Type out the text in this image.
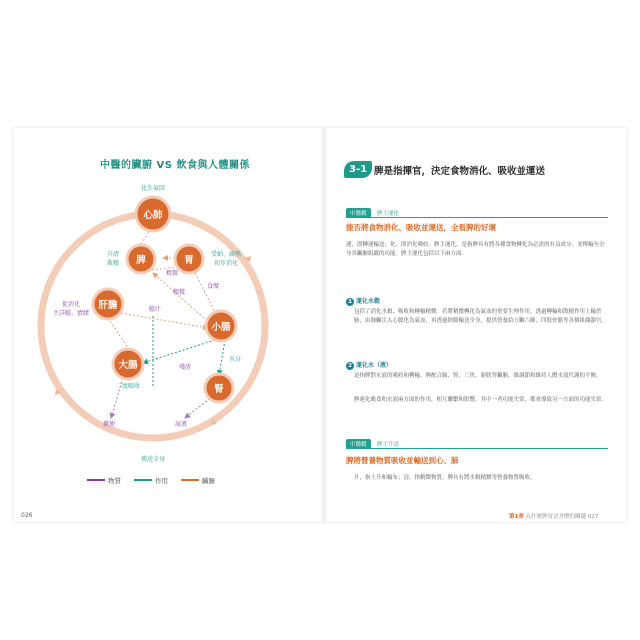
中醫的臟腑 VS 飲食與人體關係
化生氣回
傳送全身
心肺
脾	胃
肝膽
小腸
大腸
腎
升清
散精
受納、腐熟
初步消化
精微
精微
食糜
膽汁
促消化
主詳膽、情緒
水分
殘渣
二度吸收
糞便	尿液
物質	作用	臟腑
026
3-1 脾是指揮官，決定食物消化、吸收並運送
中醫觀	脾主運化
能否將食物消化、吸收並運送，全看脾的好壞
運，即轉運輸送；化，即消化吸收。脾主運化，是指脾具有將各種食物轉化為必需的有益成分，並傳輸至全身各臟腑組織的功能。脾主運化包括以下兩方面：
1 運化水穀
包括了消化水穀、吸收和轉輸精微。若將精微轉化為氣血的重要生理作用，透過轉輸和散精作用上輸於肺，由肺臟注入心脈化為氣血，再透過經脈輸送全身，提供營養給五臟六腑，四肢骨骼等各個組織器官。
2 運化水（液）
是指脾對水液的吸收和轉輸。脾配合肺、腎、三焦、膀胱等臟腑，維調節和維持人體水液代謝的平衡。
脾運化穀食和水液兩方面的作用，相互聯繫和影響，其中一者功能失常，都會導致另一方面的功能失常。
中醫觀	脾主升清
脾將營養物質吸收並輸送到心、肺
升，指上升和輸布；清，指精微物質。脾具有將水穀精微等營養物質吸收。
第1章 為什麼脾胃是身體的關鍵 027
